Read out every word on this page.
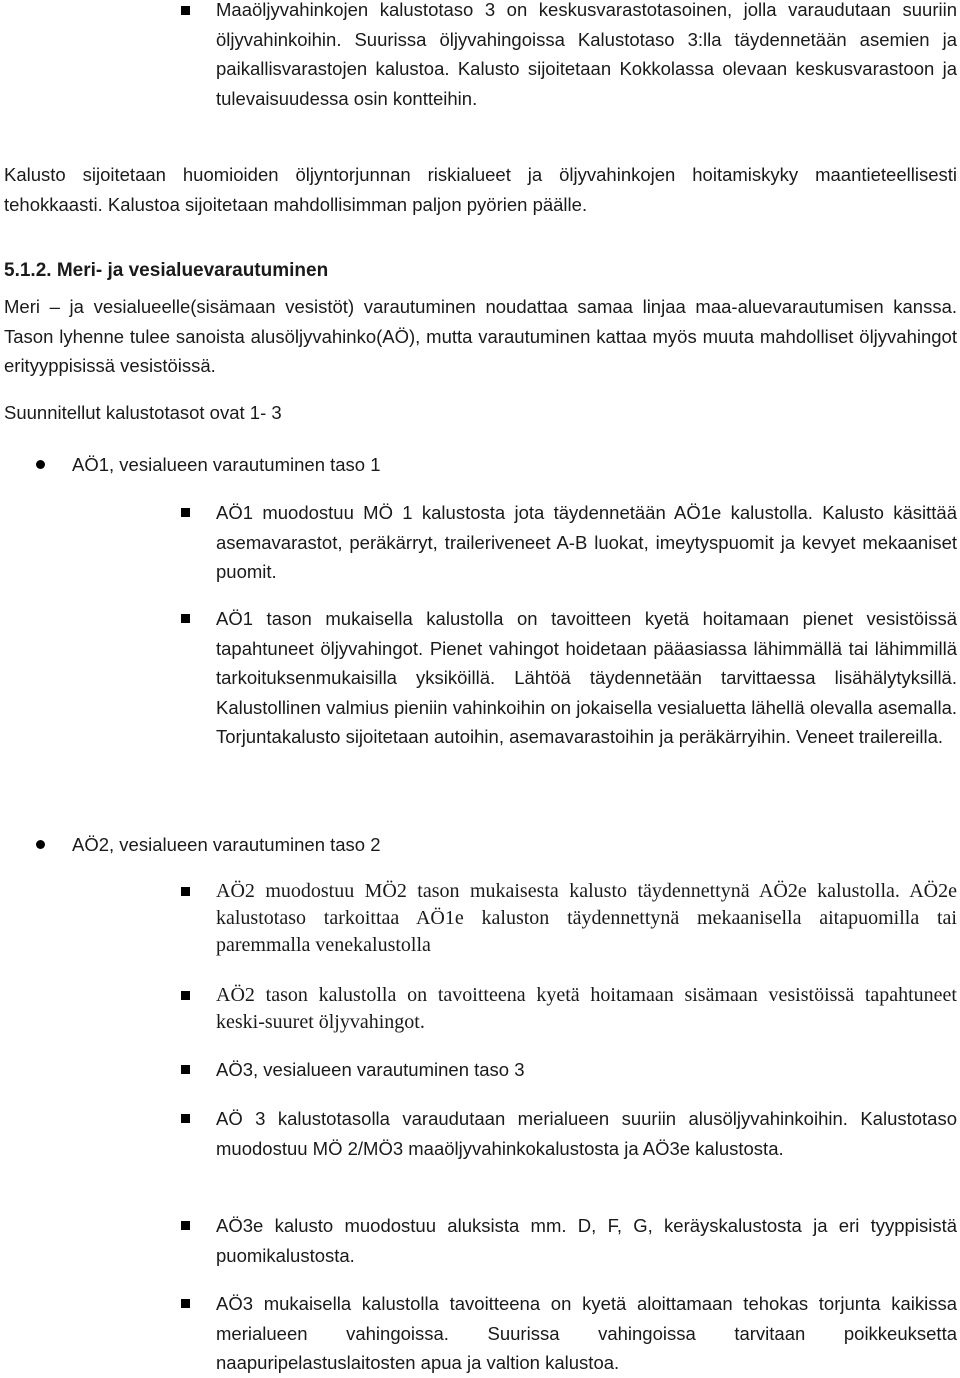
Maaöljyvahinkojen kalustotaso 3 on keskusvarastotasoinen, jolla varaudutaan suuriin öljyvahinkoihin. Suurissa öljyvahingoissa Kalustotaso 3:lla täydennetään asemien ja paikallisvarastojen kalustoa. Kalusto sijoitetaan Kokkolassa olevaan keskusvarastoon ja tulevaisuudessa osin kontteihin.

Kalusto sijoitetaan huomioiden öljyntorjunnan riskialueet ja öljyvahinkojen hoitamiskyky maantieteellisesti tehokkaasti. Kalustoa sijoitetaan mahdollisimman paljon pyörien päälle.

5.1.2. Meri- ja vesialuevarautuminen

Meri – ja vesialueelle(sisämaan vesistöt) varautuminen noudattaa samaa linjaa maa-aluevarautumisen kanssa. Tason lyhenne tulee sanoista alusöljyvahinko(AÖ), mutta varautuminen kattaa myös muuta mahdolliset öljyvahingot erityyppisissä vesistöissä.

Suunnitellut kalustotasot ovat 1- 3

AÖ1, vesialueen varautuminen taso 1

AÖ1 muodostuu MÖ 1 kalustosta jota täydennetään AÖ1e kalustolla. Kalusto käsittää asemavarastot, peräkärryt, traileriveneet A-B luokat, imeytyspuomit ja kevyet mekaaniset puomit.

AÖ1 tason mukaisella kalustolla on tavoitteen kyetä hoitamaan pienet vesistöissä tapahtuneet öljyvahingot. Pienet vahingot hoidetaan pääasiassa lähimmällä tai lähimmillä tarkoituksenmukaisilla yksiköillä. Lähtöä täydennetään tarvittaessa lisähälytyksillä. Kalustollinen valmius pieniin vahinkoihin on jokaisella vesialuetta lähellä olevalla asemalla. Torjuntakalusto sijoitetaan autoihin, asemavarastoihin ja peräkärryihin. Veneet trailereilla.

AÖ2, vesialueen varautuminen taso 2

AÖ2 muodostuu MÖ2 tason mukaisesta kalusto täydennettynä AÖ2e kalustolla. AÖ2e kalustotaso tarkoittaa AÖ1e kaluston täydennettynä mekaanisella aitapuomilla tai paremmalla venekalustolla

AÖ2 tason kalustolla on tavoitteena kyetä hoitamaan sisämaan vesistöissä tapahtuneet keski-suuret öljyvahingot.

AÖ3, vesialueen varautuminen taso 3

AÖ 3 kalustotasolla varaudutaan merialueen suuriin alusöljyvahinkoihin. Kalustotaso muodostuu MÖ 2/MÖ3 maaöljyvahinkokalustosta ja AÖ3e kalustosta.

AÖ3e kalusto muodostuu aluksista mm. D, F, G, keräyskalustosta ja eri tyyppisistä puomikalustosta.

AÖ3 mukaisella kalustolla tavoitteena on kyetä aloittamaan tehokas torjunta kaikissa merialueen vahingoissa. Suurissa vahingoissa tarvitaan poikkeuksetta naapuripelastuslaitosten apua ja valtion kalustoa.
